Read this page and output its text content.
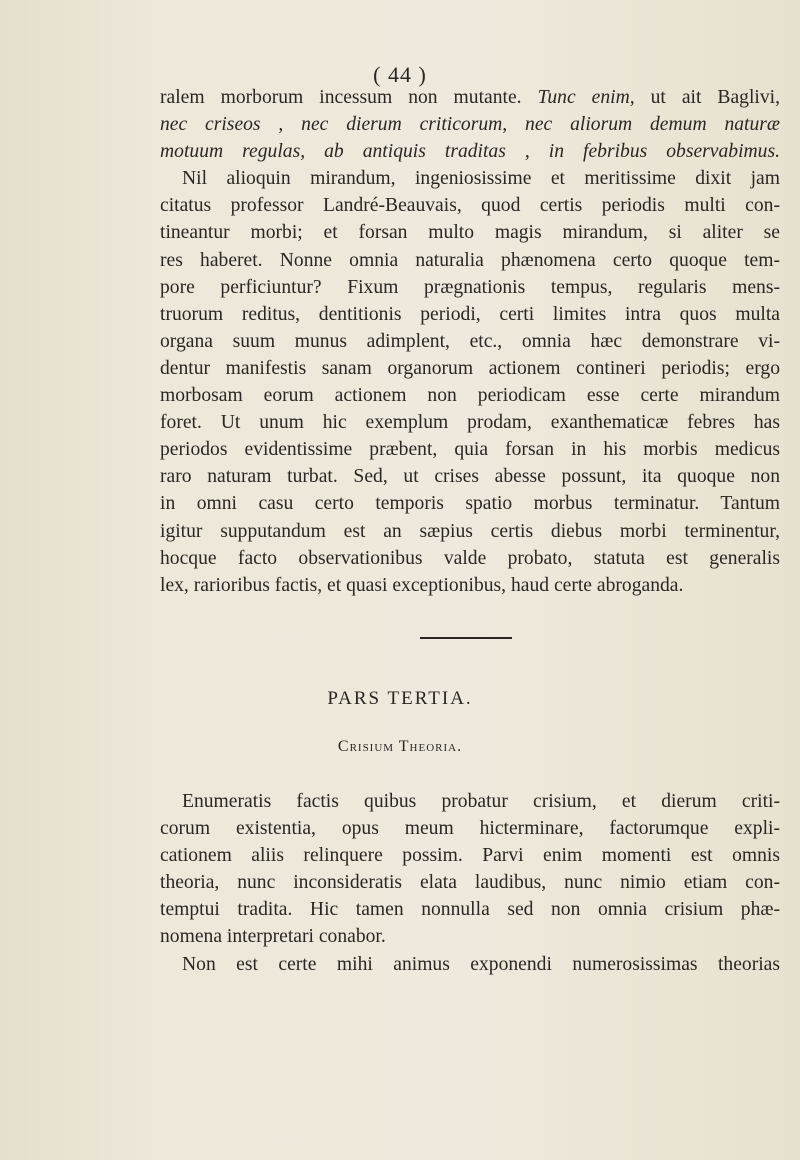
( 44 )
ralem morborum incessum non mutante. Tunc enim, ut ait Baglivi,
nec criseos , nec dierum criticorum, nec aliorum demum naturæ
motuum regulas, ab antiquis traditas , in febribus observabimus.
Nil alioquin mirandum, ingeniosissime et meritissime dixit jam
citatus professor Landré-Beauvais, quod certis periodis multi con-
tineantur morbi; et forsan multo magis mirandum, si aliter se
res haberet. Nonne omnia naturalia phænomena certo quoque tem-
pore perficiuntur? Fixum prægnationis tempus, regularis mens-
truorum reditus, dentitionis periodi, certi limites intra quos multa
organa suum munus adimplent, etc., omnia hæc demonstrare vi-
dentur manifestis sanam organorum actionem contineri periodis; ergo
morbosam eorum actionem non periodicam esse certe mirandum
foret. Ut unum hic exemplum prodam, exanthematicæ febres has
periodos evidentissime præbent, quia forsan in his morbis medicus
raro naturam turbat. Sed, ut crises abesse possunt, ita quoque non
in omni casu certo temporis spatio morbus terminatur. Tantum
igitur supputandum est an sæpius certis diebus morbi terminentur,
hocque facto observationibus valde probato, statuta est generalis
lex, rarioribus factis, et quasi exceptionibus, haud certe abroganda.
PARS TERTIA.
Crisium Theoria.
Enumeratis factis quibus probatur crisium, et dierum criti-
corum existentia, opus meum hicterminare, factorumque expli-
cationem aliis relinquere possim. Parvi enim momenti est omnis
theoria, nunc inconsideratis elata laudibus, nunc nimio etiam con-
temptui tradita. Hic tamen nonnulla sed non omnia crisium phæ-
nomena interpretari conabor.
Non est certe mihi animus exponendi numerosissimas theorias
